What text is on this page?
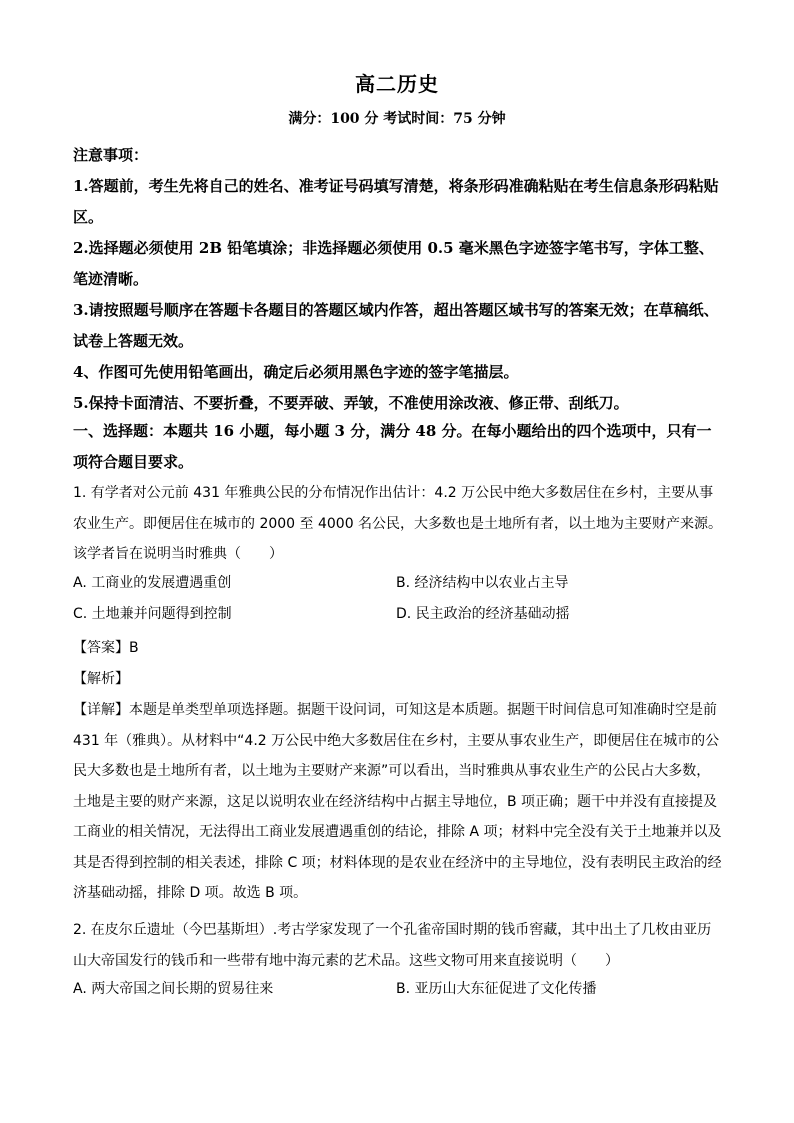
高二历史
满分：100 分 考试时间：75 分钟

注意事项：

1.答题前，考生先将自己的姓名、准考证号码填写清楚，将条形码准确粘贴在考生信息条形码粘贴区。

2.选择题必须使用 2B 铅笔填涂；非选择题必须使用 0.5 毫米黑色字迹签字笔书写，字体工整、笔迹清晰。

3.请按照题号顺序在答题卡各题目的答题区域内作答，超出答题区域书写的答案无效；在草稿纸、试卷上答题无效。

4、作图可先使用铅笔画出，确定后必须用黑色字迹的签字笔描层。

5.保持卡面清洁、不要折叠，不要弄破、弄皱，不准使用涂改液、修正带、刮纸刀。

一、选择题：本题共 16 小题，每小题 3 分，满分 48 分。在每小题给出的四个选项中，只有一项符合题目要求。
1. 有学者对公元前 431 年雅典公民的分布情况作出估计：4.2 万公民中绝大多数居住在乡村，主要从事农业生产。即便居住在城市的 2000 至 4000 名公民，大多数也是土地所有者，以土地为主要财产来源。该学者旨在说明当时雅典（　　）
A. 工商业的发展遭遇重创	B. 经济结构中以农业占主导
C. 土地兼并问题得到控制	D. 民主政治的经济基础动摇
【答案】B
【解析】
【详解】本题是单类型单项选择题。据题干设问词，可知这是本质题。据题干时间信息可知准确时空是前 431 年（雅典）。从材料中“4.2 万公民中绝大多数居住在乡村，主要从事农业生产，即便居住在城市的公民大多数也是土地所有者，以土地为主要财产来源”可以看出，当时雅典从事农业生产的公民占大多数，土地是主要的财产来源，这足以说明农业在经济结构中占据主导地位，B 项正确；题干中并没有直接提及工商业的相关情况，无法得出工商业发展遭遇重创的结论，排除 A 项；材料中完全没有关于土地兼并以及其是否得到控制的相关表述，排除 C 项；材料体现的是农业在经济中的主导地位，没有表明民主政治的经济基础动摇，排除 D 项。故选 B 项。
2. 在皮尔丘遗址（今巴基斯坦）.考古学家发现了一个孔雀帝国时期的钱币窖藏，其中出土了几枚由亚历山大帝国发行的钱币和一些带有地中海元素的艺术品。这些文物可用来直接说明（　　）
A. 两大帝国之间长期的贸易往来	B. 亚历山大东征促进了文化传播
